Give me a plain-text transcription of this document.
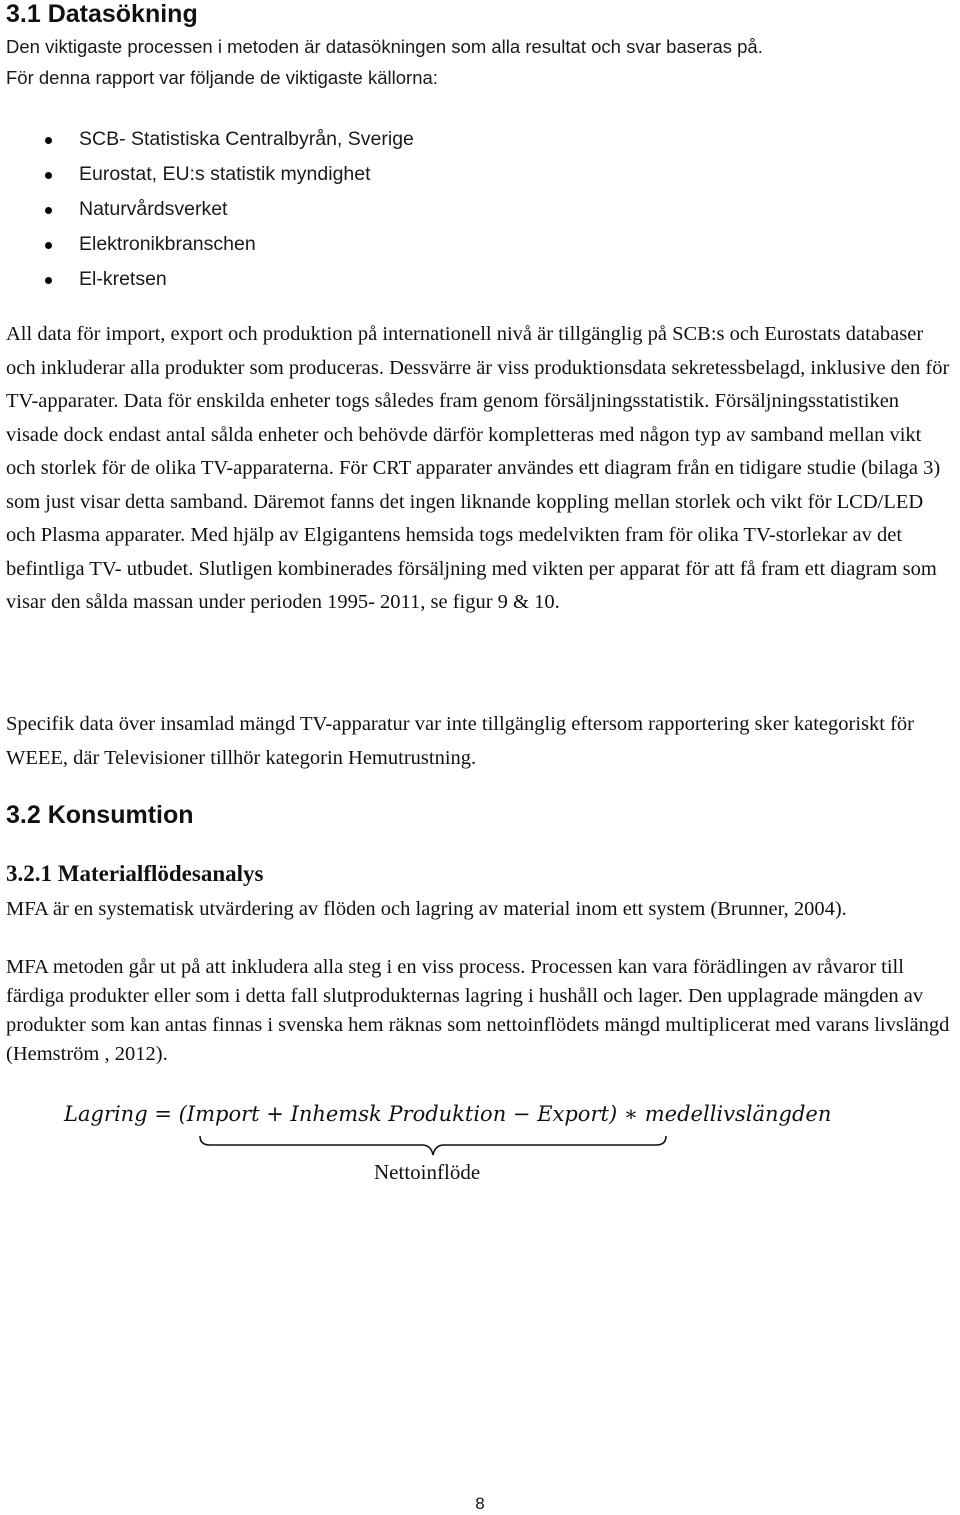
3.1 Datasökning

Den viktigaste processen i metoden är datasökningen som alla resultat och svar baseras på.

För denna rapport var följande de viktigaste källorna:

SCB- Statistiska Centralbyrån, Sverige
Eurostat, EU:s statistik myndighet
Naturvårdsverket
Elektronikbranschen
El-kretsen

All data för import, export och produktion på internationell nivå är tillgänglig på SCB:s och Eurostats databaser och inkluderar alla produkter som produceras. Dessvärre är viss produktionsdata sekretessbelagd, inklusive den för TV-apparater. Data för enskilda enheter togs således fram genom försäljningsstatistik. Försäljningsstatistiken visade dock endast antal sålda enheter och behövde därför kompletteras med någon typ av samband mellan vikt och storlek för de olika TV-apparaterna. För CRT apparater användes ett diagram från en tidigare studie (bilaga 3) som just visar detta samband. Däremot fanns det ingen liknande koppling mellan storlek och vikt för LCD/LED och Plasma apparater. Med hjälp av Elgigantens hemsida togs medelvikten fram för olika TV-storlekar av det befintliga TV- utbudet. Slutligen kombinerades försäljning med vikten per apparat för att få fram ett diagram som visar den sålda massan under perioden 1995- 2011, se figur 9 & 10.

Specifik data över insamlad mängd TV-apparatur var inte tillgänglig eftersom rapportering sker kategoriskt för WEEE, där Televisioner tillhör kategorin Hemutrustning.

3.2 Konsumtion
3.2.1 Materialflödesanalys

MFA är en systematisk utvärdering av flöden och lagring av material inom ett system (Brunner, 2004).

MFA metoden går ut på att inkludera alla steg i en viss process. Processen kan vara förädlingen av råvaror till färdiga produkter eller som i detta fall slutprodukternas lagring i hushåll och lager. Den upplagrade mängden av produkter som kan antas finnas i svenska hem räknas som nettoinflödets mängd multiplicerat med varans livslängd (Hemström , 2012).

Lagring = (Import + Inhemsk Produktion − Export) ∗ medellivslängden
Nettoinflöde
8
